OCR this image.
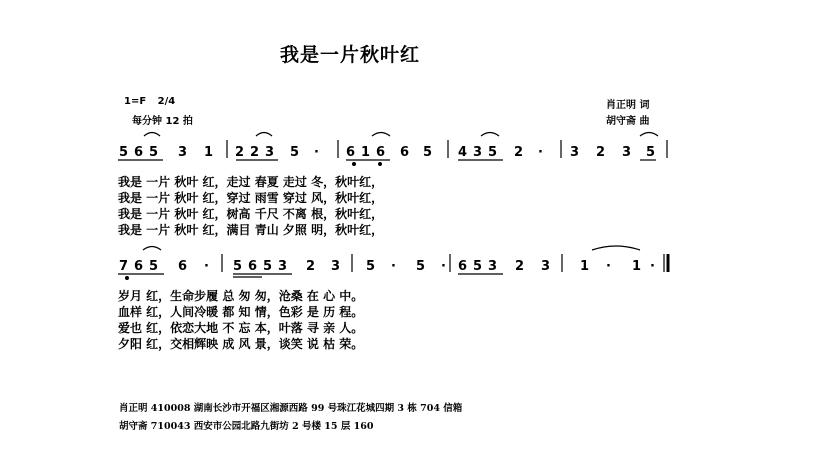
我是一片秋叶红
1=F 2/4
每分钟 12 拍
肖正明 词
胡守斋 曲
5 6 5 3 1 2 2 3 5 · 6 1 6 6 5 4 3 5 2 · 3 2 3 5
7 6 5 6 · 5 6 5 3 2 3 5 · 5 · 6 5 3 2 3 1 · 1 ·
我是 一片 秋叶 红，走过 春夏 走过 冬，秋叶红，
我是 一片 秋叶 红，穿过 雨雪 穿过 风，秋叶红，
我是 一片 秋叶 红，树高 千尺 不离 根，秋叶红，
我是 一片 秋叶 红，满目 青山 夕照 明，秋叶红，
岁月 红，生命步履 总 匆 匆，沧桑 在 心 中。
血样 红，人间冷暖 都 知 情，色彩 是 历 程。
爱也 红，依恋大地 不 忘 本，叶落 寻 亲 人。
夕阳 红，交相辉映 成 风 景，谈笑 说 枯 荣。
肖正明 410008 湖南长沙市开福区湘源西路 99 号珠江花城四期 3 栋 704 信箱
胡守斋 710043 西安市公园北路九街坊 2 号楼 15 层 160
